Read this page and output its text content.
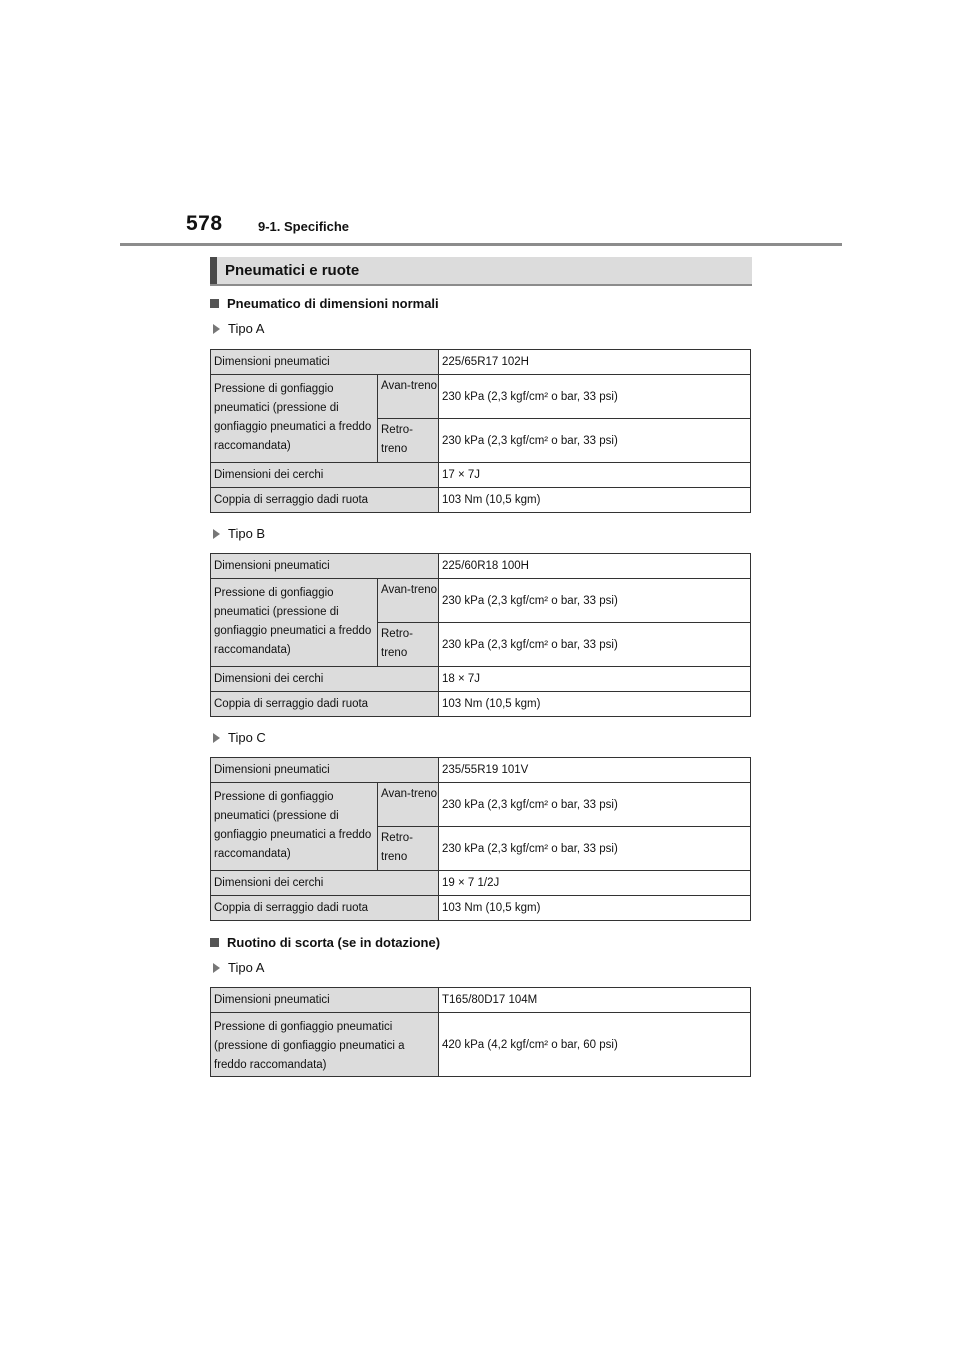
578	9-1. Specifiche
Pneumatici e ruote
Pneumatico di dimensioni normali
Tipo A
Dimensioni pneumatici		225/65R17 102H
Pressione di gonfiaggio pneumatici (pressione di gonfiaggio pneumatici a freddo raccomandata)	Avan-treno	230 kPa (2,3 kgf/cm² o bar, 33 psi)
	Retro-treno	230 kPa (2,3 kgf/cm² o bar, 33 psi)
Dimensioni dei cerchi		17 × 7J
Coppia di serraggio dadi ruota		103 Nm (10,5 kgm)
Tipo B
Dimensioni pneumatici		225/60R18 100H
Pressione di gonfiaggio pneumatici (pressione di gonfiaggio pneumatici a freddo raccomandata)	Avan-treno	230 kPa (2,3 kgf/cm² o bar, 33 psi)
	Retro-treno	230 kPa (2,3 kgf/cm² o bar, 33 psi)
Dimensioni dei cerchi		18 × 7J
Coppia di serraggio dadi ruota		103 Nm (10,5 kgm)
Tipo C
Dimensioni pneumatici		235/55R19 101V
Pressione di gonfiaggio pneumatici (pressione di gonfiaggio pneumatici a freddo raccomandata)	Avan-treno	230 kPa (2,3 kgf/cm² o bar, 33 psi)
	Retro-treno	230 kPa (2,3 kgf/cm² o bar, 33 psi)
Dimensioni dei cerchi		19 × 7 1/2J
Coppia di serraggio dadi ruota		103 Nm (10,5 kgm)
Ruotino di scorta (se in dotazione)
Tipo A
Dimensioni pneumatici	T165/80D17 104M
Pressione di gonfiaggio pneumatici (pressione di gonfiaggio pneumatici a freddo raccomandata)	420 kPa (4,2 kgf/cm² o bar, 60 psi)
